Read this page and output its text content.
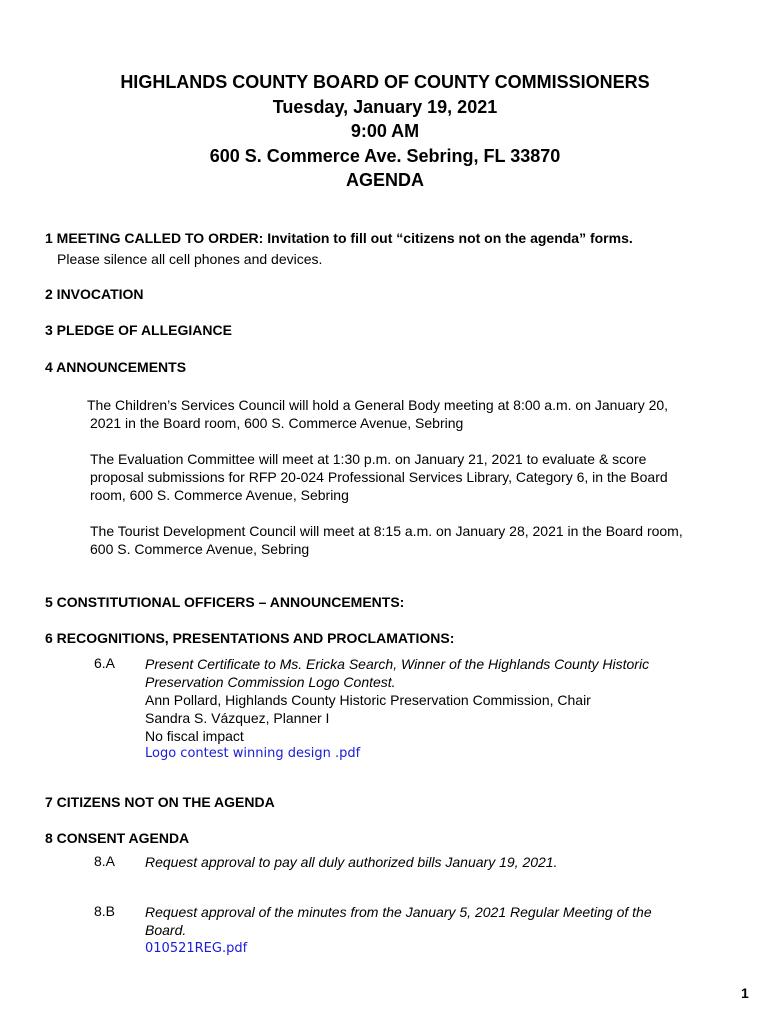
HIGHLANDS COUNTY BOARD OF COUNTY COMMISSIONERS
Tuesday, January 19, 2021
9:00 AM
600 S. Commerce Ave. Sebring, FL 33870
AGENDA
1 MEETING CALLED TO ORDER: Invitation to fill out “citizens not on the agenda” forms.
Please silence all cell phones and devices.
2 INVOCATION
3 PLEDGE OF ALLEGIANCE
4 ANNOUNCEMENTS
The Children’s Services Council will hold a General Body meeting at 8:00 a.m. on January 20,
2021 in the Board room, 600 S. Commerce Avenue, Sebring
The Evaluation Committee will meet at 1:30 p.m. on January 21, 2021 to evaluate & score
proposal submissions for RFP 20-024 Professional Services Library, Category 6, in the Board
room, 600 S. Commerce Avenue, Sebring
The Tourist Development Council will meet at 8:15 a.m. on January 28, 2021 in the Board room,
600 S. Commerce Avenue, Sebring
5 CONSTITUTIONAL OFFICERS – ANNOUNCEMENTS:
6 RECOGNITIONS, PRESENTATIONS AND PROCLAMATIONS:
6.A Present Certificate to Ms. Ericka Search, Winner of the Highlands County Historic
Preservation Commission Logo Contest.
Ann Pollard, Highlands County Historic Preservation Commission, Chair
Sandra S. Vázquez, Planner I
No fiscal impact
Logo contest winning design .pdf
7 CITIZENS NOT ON THE AGENDA
8 CONSENT AGENDA
8.A Request approval to pay all duly authorized bills January 19, 2021.
8.B Request approval of the minutes from the January 5, 2021 Regular Meeting of the
Board.
010521REG.pdf
1
